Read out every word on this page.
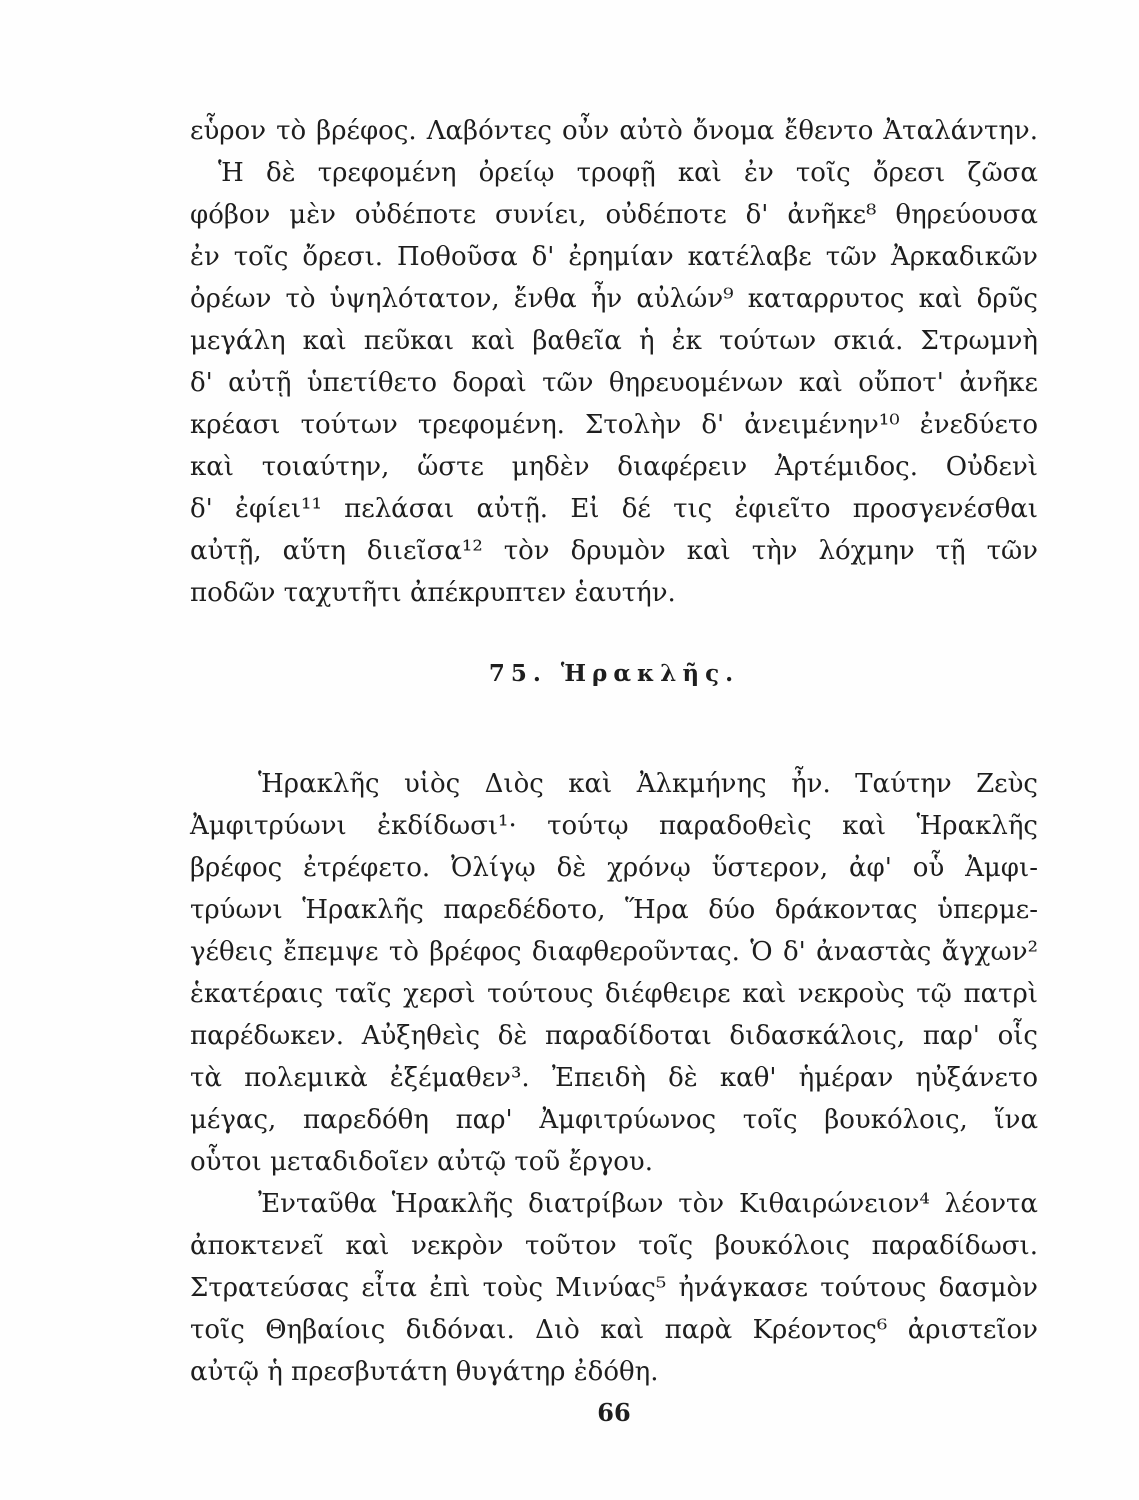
εὗρον τὸ βρέφος. Λαβόντες οὖν αὐτὸ ὄνομα ἔθεντο Ἀταλάντην.
Ἡ δὲ τρεφομένη ὀρείῳ τροφῇ καὶ ἐν τοῖς ὄρεσι ζῶσα
φόβον μὲν οὐδέποτε συνίει, οὐδέποτε δ' ἀνῆκε⁸ θηρεύουσα
ἐν τοῖς ὄρεσι. Ποθοῦσα δ' ἐρημίαν κατέλαβε τῶν Ἀρκαδικῶν
ὀρέων τὸ ὑψηλότατον, ἔνθα ἦν αὐλών⁹ καταρρυτος καὶ δρῦς
μεγάλη καὶ πεῦκαι καὶ βαθεῖα ἡ ἐκ τούτων σκιά. Στρωμνὴ
δ' αὐτῇ ὑπετίθετο δοραὶ τῶν θηρευομένων καὶ οὔποτ' ἀνῆκε
κρέασι τούτων τρεφομένη. Στολὴν δ' ἀνειμένην¹⁰ ἐνεδύετο
καὶ τοιαύτην, ὥστε μηδὲν διαφέρειν Ἀρτέμιδος. Οὐδενὶ
δ' ἐφίει¹¹ πελάσαι αὐτῇ. Εἰ δέ τις ἐφιεῖτο προσγενέσθαι
αὐτῇ, αὕτη διιεῖσα¹² τὸν δρυμὸν καὶ τὴν λόχμην τῇ τῶν
ποδῶν ταχυτῆτι ἀπέκρυπτεν ἑαυτήν.
75. Ἡρακλῆς.
Ἡρακλῆς υἱὸς Διὸς καὶ Ἀλκμήνης ἦν. Ταύτην Ζεὺς
Ἀμφιτρύωνι ἐκδίδωσι¹· τούτῳ παραδοθεὶς καὶ Ἡρακλῆς
βρέφος ἐτρέφετο. Ὀλίγῳ δὲ χρόνῳ ὕστερον, ἀφ' οὗ Ἀμφι-
τρύωνι Ἡρακλῆς παρεδέδοτο, Ἥρα δύο δράκοντας ὑπερμε-
γέθεις ἔπεμψε τὸ βρέφος διαφθεροῦντας. Ὁ δ' ἀναστὰς ἄγχων²
ἑκατέραις ταῖς χερσὶ τούτους διέφθειρε καὶ νεκροὺς τῷ πατρὶ
παρέδωκεν. Αὐξηθεὶς δὲ παραδίδοται διδασκάλοις, παρ' οἷς
τὰ πολεμικὰ ἐξέμαθεν³. Ἐπειδὴ δὲ καθ' ἡμέραν ηὐξάνετο
μέγας, παρεδόθη παρ' Ἀμφιτρύωνος τοῖς βουκόλοις, ἵνα
οὗτοι μεταδιδοῖεν αὐτῷ τοῦ ἔργου.
Ἐνταῦθα Ἡρακλῆς διατρίβων τὸν Κιθαιρώνειον⁴ λέοντα
ἀποκτενεῖ καὶ νεκρὸν τοῦτον τοῖς βουκόλοις παραδίδωσι.
Στρατεύσας εἶτα ἐπὶ τοὺς Μινύας⁵ ἠνάγκασε τούτους δασμὸν
τοῖς Θηβαίοις διδόναι. Διὸ καὶ παρὰ Κρέοντος⁶ ἀριστεῖον
αὐτῷ ἡ πρεσβυτάτη θυγάτηρ ἐδόθη.
66
